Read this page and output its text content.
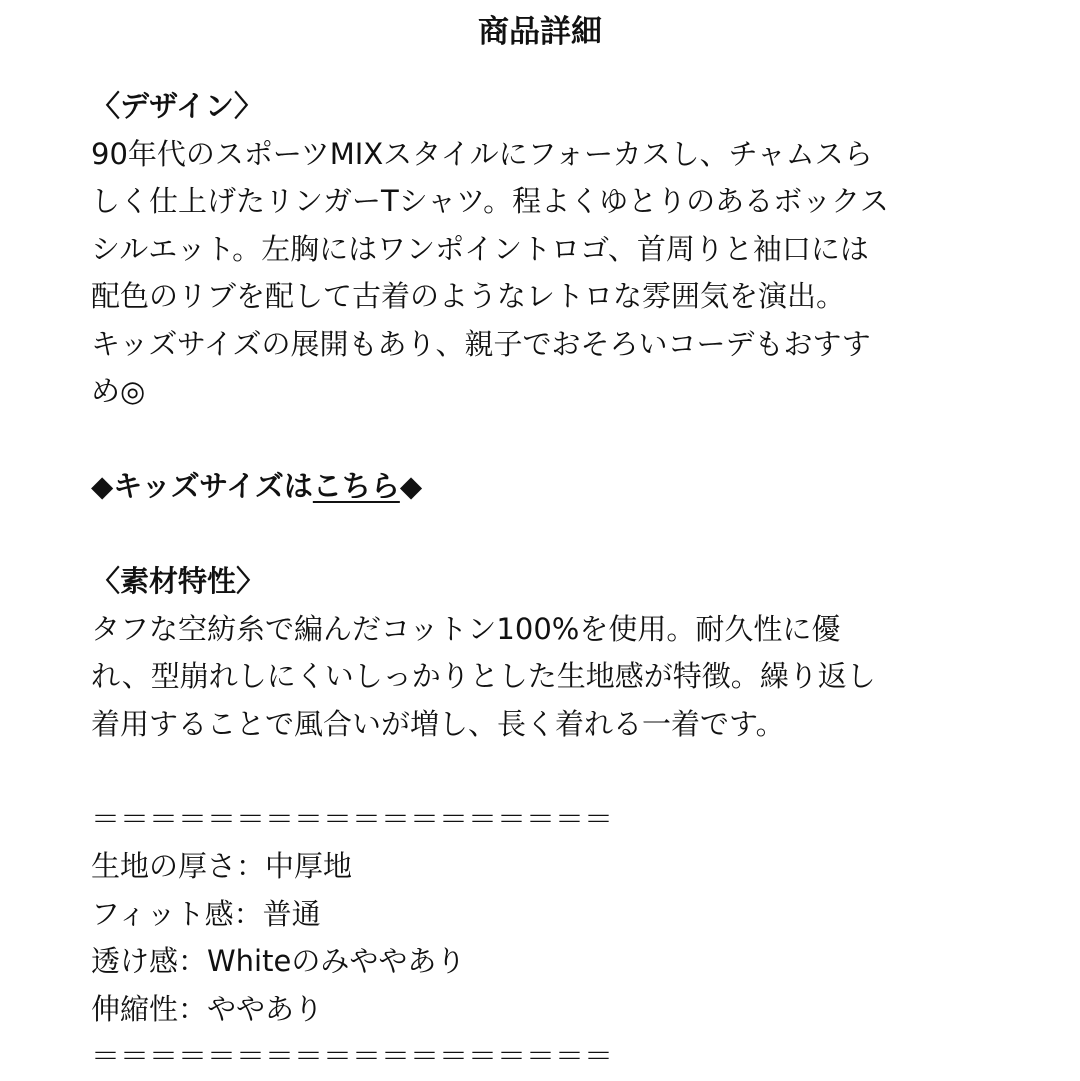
商品詳細
〈デザイン〉
90年代のスポーツMIXスタイルにフォーカスし、チャムスら
しく仕上げたリンガーTシャツ。程よくゆとりのあるボックス
シルエット。左胸にはワンポイントロゴ、首周りと袖口には
配色のリブを配して古着のようなレトロな雰囲気を演出。
キッズサイズの展開もあり、親子でおそろいコーデもおすす
め◎
◆キッズサイズはこちら◆
〈素材特性〉
タフな空紡糸で編んだコットン100%を使用。耐久性に優
れ、型崩れしにくいしっかりとした生地感が特徴。繰り返し
着用することで風合いが増し、長く着れる一着です。
＝＝＝＝＝＝＝＝＝＝＝＝＝＝＝＝＝＝
生地の厚さ：中厚地
フィット感：普通
透け感：Whiteのみややあり
伸縮性：ややあり
＝＝＝＝＝＝＝＝＝＝＝＝＝＝＝＝＝＝
